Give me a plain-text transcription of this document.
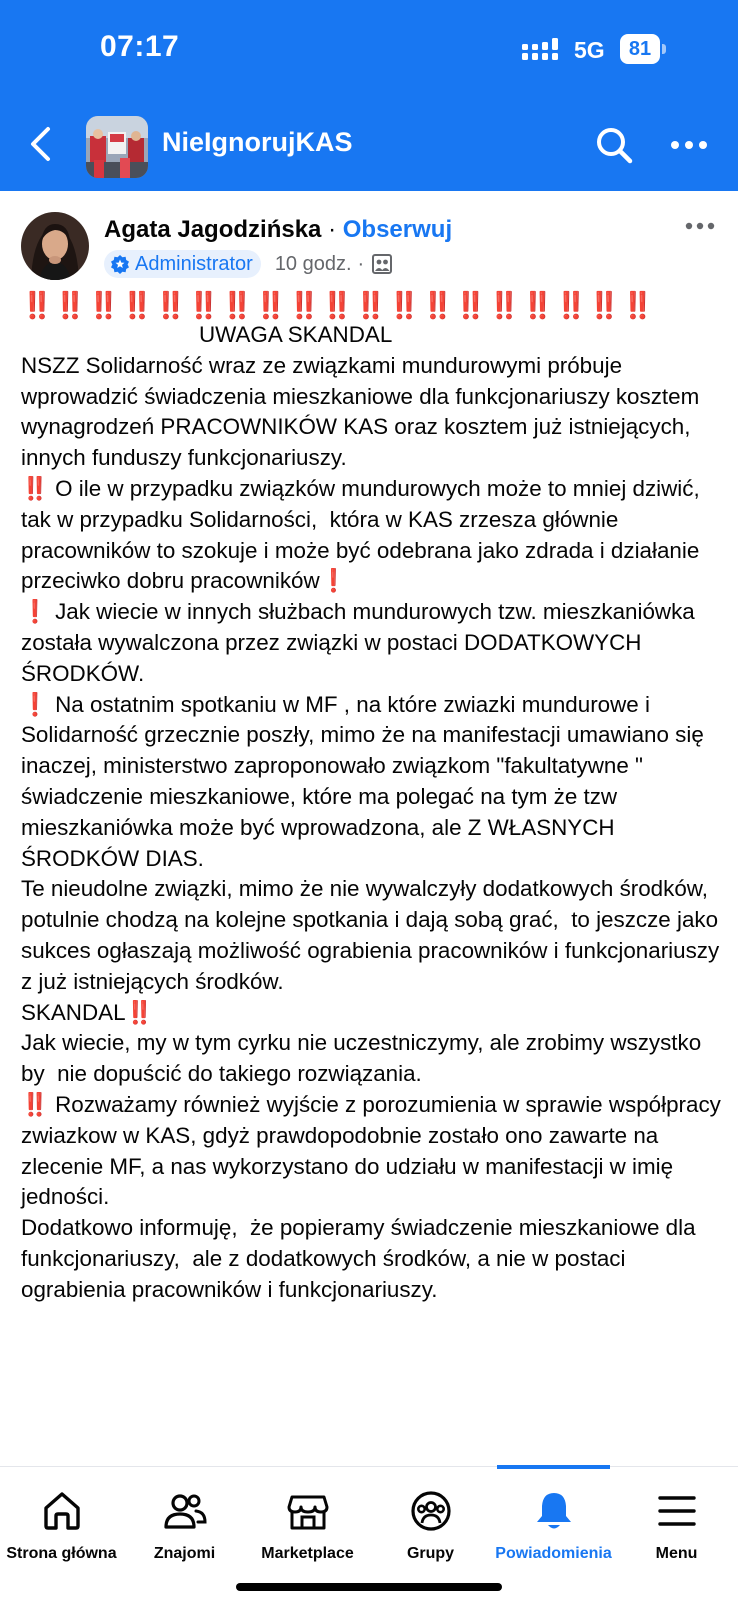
07:17	5G	81
NieIgnorujKAS
Agata Jagodzińska · Obserwuj
Administrator 10 godz. ·

‼️‼️‼️‼️‼️‼️‼️‼️‼️‼️‼️‼️‼️‼️‼️‼️‼️‼️‼️

UWAGA SKANDAL

NSZZ Solidarność wraz ze związkami mundurowymi próbuje wprowadzić świadczenia mieszkaniowe dla funkcjonariuszy kosztem wynagrodzeń PRACOWNIKÓW KAS oraz kosztem już istniejących,  innych funduszy funkcjonariuszy.

‼️ O ile w przypadku związków mundurowych może to mniej dziwić, tak w przypadku Solidarności,  która w KAS zrzesza głównie pracowników to szokuje i może być odebrana jako zdrada i działanie przeciwko dobru pracowników❗

❗ Jak wiecie w innych służbach mundurowych tzw. mieszkaniówka została wywalczona przez związki w postaci DODATKOWYCH ŚRODKÓW.

❗ Na ostatnim spotkaniu w MF , na które zwiazki mundurowe i Solidarność grzecznie poszły, mimo że na manifestacji umawiano się inaczej, ministerstwo zaproponowało związkom "fakultatywne " świadczenie mieszkaniowe, które ma polegać na tym że tzw mieszkaniówka może być wprowadzona, ale Z WŁASNYCH ŚRODKÓW DIAS.

Te nieudolne związki, mimo że nie wywalczyły dodatkowych środków, potulnie chodzą na kolejne spotkania i dają sobą grać,  to jeszcze jako sukces ogłaszają możliwość ograbienia pracowników i funkcjonariuszy z już istniejących środków.

SKANDAL‼️

Jak wiecie, my w tym cyrku nie uczestniczymy, ale zrobimy wszystko by  nie dopuścić do takiego rozwiązania.

‼️ Rozważamy również wyjście z porozumienia w sprawie współpracy zwiazkow w KAS, gdyż prawdopodobnie zostało ono zawarte na zlecenie MF, a nas wykorzystano do udziału w manifestacji w imię jedności.

Dodatkowo informuję,  że popieramy świadczenie mieszkaniowe dla funkcjonariuszy,  ale z dodatkowych środków, a nie w postaci ograbienia pracowników i funkcjonariuszy.

Strona główna	Znajomi	Marketplace	Grupy	Powiadomienia	Menu
